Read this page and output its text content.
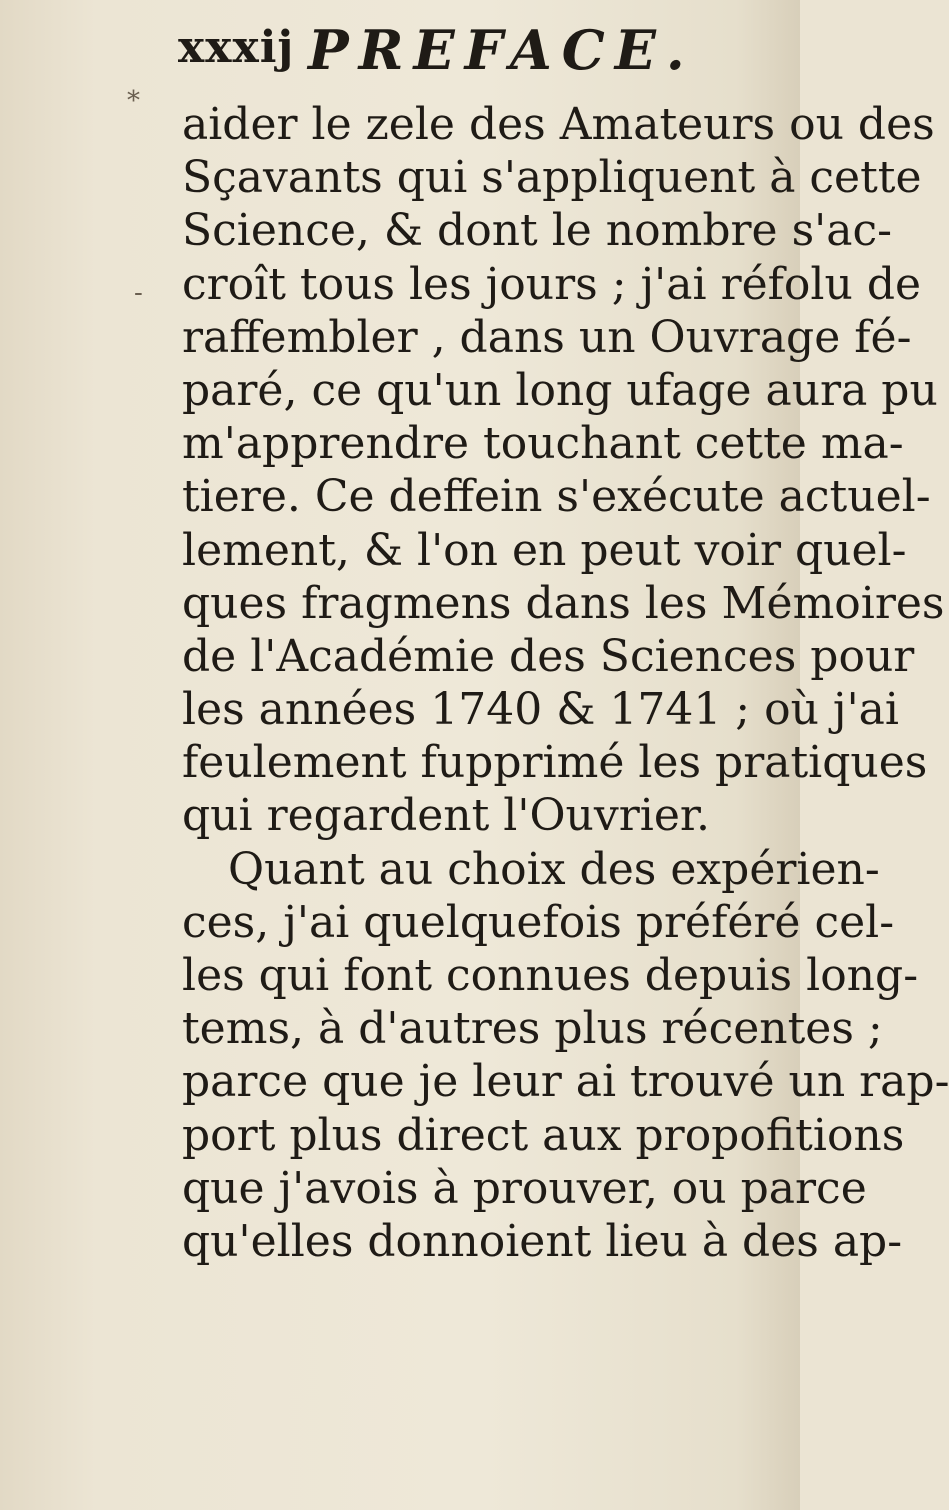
*
-
xxxij PREFACE.
aider le zele des Amateurs ou des
Sçavants qui s'appliquent à cette
Science, & dont le nombre s'ac-
croît tous les jours ; j'ai réfolu de
raffembler , dans un Ouvrage fé-
paré, ce qu'un long ufage aura pu
m'apprendre touchant cette ma-
tiere. Ce deffein s'exécute actuel-
lement, & l'on en peut voir quel-
ques fragmens dans les Mémoires
de l'Académie des Sciences pour
les années 1740 & 1741 ; où j'ai
feulement fupprimé les pratiques
qui regardent l'Ouvrier.
Quant au choix des expérien-
ces, j'ai quelquefois préféré cel-
les qui font connues depuis long-
tems, à d'autres plus récentes ;
parce que je leur ai trouvé un rap-
port plus direct aux propofitions
que j'avois à prouver, ou parce
qu'elles donnoient lieu à des ap-
